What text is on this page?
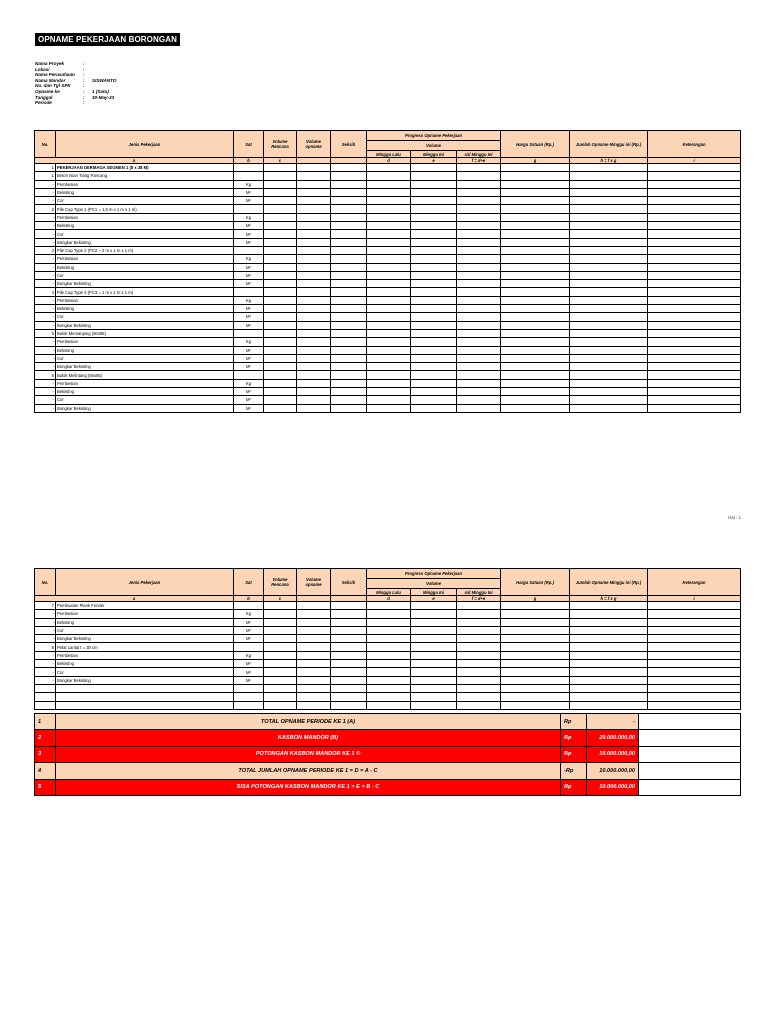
OPNAME PEKERJAAN BORONGAN
Nama Proyek	:
Lokasi	:
Nama Perusahaan	:
Nama Mandor	:	SISWANTO
No. dan Tgl SPK	:
Opname ke	:	1 (Satu)
Tanggal	:	30-May-23
Periode	:
No.	Jenis Pekerjaan	Sat	Volume Rencana	Volume opname	Selisih	Progress Opname Pekerjaan			Harga Satuan (Rp.)	Jumlah Opname Minggu ini (Rp.)	Keterangan
						Volume					
						Minggu Lalu	Minggu Ini	s/d Minggu Ini			
a		b	c			d	e	f = d+e	g	h = f x g	i
1	PEKERJAAN DERMAGA SEGMEN 1 (8 x 38 M)										
1	Beton Isian Tiang Pancang										
-	Pembesian	Kg									
-	Bekisting	M²									
-	Cor	M³									
2	Pile Cap Type 1 (PC1 = 1,5 m x 1 m x 1 m)										
-	Pembesian	Kg									
-	Bekisting	M²									
-	Cor	M³									
-	Bongkar Bekisting	M²									
3	Pile Cap Type 2 (PC2 = 2 m x 1 m x 1 m)										
-	Pembesian	Kg									
-	Bekisting	M²									
-	Cor	M³									
-	Bongkar Bekisting	M²									
4	Pile Cap Type 3 (PC3 = 1 m x 1 m x 1 m)										
-	Pembesian	Kg									
-	Bekisting	M²									
-	Cor	M³									
-	Bongkar Bekisting	M²									
5	Balok Memanjang (50x85)										
-	Pembesian	Kg									
-	Bekisting	M²									
-	Cor	M³									
-	Bongkar Bekisting	M²									
6	Balok Melintang (50x85)										
-	Pembesian	Kg									
-	Bekisting	M²									
-	Cor	M³									
-	Bongkar Bekisting	M²									
Hal : 1
No.	Jenis Pekerjaan	Sat	Volume Rencana	Volume opname	Selisih	Progress Opname Pekerjaan			Harga Satuan (Rp.)	Jumlah Opname Minggu ini (Rp.)	Keterangan
						Volume					
						Minggu Lalu	Minggu Ini	s/d Minggu Ini			
a		b	c			d	e	f = d+e	g	h = f x g	i
7	Pembuatan Plank Fender										
-	Pembesian	Kg									
-	Bekisting	M²									
-	Cor	M³									
-	Bongkar Bekisting	M²									
8	Pelat Lantai t = 30 cm										
-	Pembesian	Kg									
-	Bekisting	M²									
-	Cor	M³									
-	Bongkar Bekisting	M²									

1	TOTAL OPNAME PERIODE KE 1 (A)	Rp	-	
2	KASBON MANDOR (B)	Rp	20.000.000,00	
3	POTONGAN KASBON MANDOR KE 1 ©	Rp	10.000.000,00	
4	TOTAL JUMLAH OPNAME PERIODE KE 1 = D = A - C	-Rp	10.000.000,00	
5	SISA POTONGAN KASBON MANDOR KE 1 = E = B - C	Rp	10.000.000,00	
